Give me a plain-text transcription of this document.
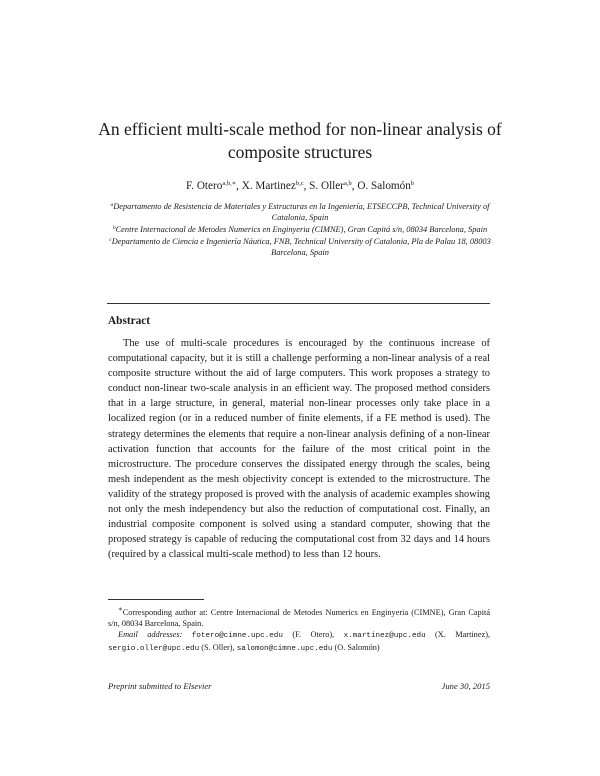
An efficient multi-scale method for non-linear analysis of composite structures
F. Otero$^{a,b,∗}$, X. Martinez$^{b,c}$, S. Oller$^{a,b}$, O. Salomón$^b$

$^a$Departamento de Resistencia de Materiales y Estructuras en la Ingeniería, ETSECCPB, Technical University of Catalonia, Spain

$^b$Centre Internacional de Metodes Numerics en Enginyeria (CIMNE), Gran Capitá s/n, 08034 Barcelona, Spain

$^c$Departamento de Ciencia e Ingeniería Náutica, FNB, Technical University of Catalonia, Pla de Palau 18, 08003 Barcelona, Spain

Abstract

The use of multi-scale procedures is encouraged by the continuous increase of computational capacity, but it is still a challenge performing a non-linear analysis of a real composite structure without the aid of large computers. This work proposes a strategy to conduct non-linear two-scale analysis in an efficient way. The proposed method considers that in a large structure, in general, material non-linear processes only take place in a localized region (or in a reduced number of finite elements, if a FE method is used). The strategy determines the elements that require a non-linear analysis defining of a non-linear activation function that accounts for the failure of the most critical point in the microstructure. The procedure conserves the dissipated energy through the scales, being mesh independent as the mesh objectivity concept is extended to the microstructure. The validity of the strategy proposed is proved with the analysis of academic examples showing not only the mesh independency but also the reduction of computational cost. Finally, an industrial composite component is solved using a standard computer, showing that the proposed strategy is capable of reducing the computational cost from 32 days and 14 hours (required by a classical multi-scale method) to less than 12 hours.

∗Corresponding author at: Centre Internacional de Metodes Numerics en Enginyeria (CIMNE), Gran Capitá s/n, 08034 Barcelona, Spain.

Email addresses: fotero@cimne.upc.edu (F. Otero), x.martinez@upc.edu (X. Martinez), sergio.oller@upc.edu (S. Oller), salomon@cimne.upc.edu (O. Salomón)

Preprint submitted to Elsevier	June 30, 2015
